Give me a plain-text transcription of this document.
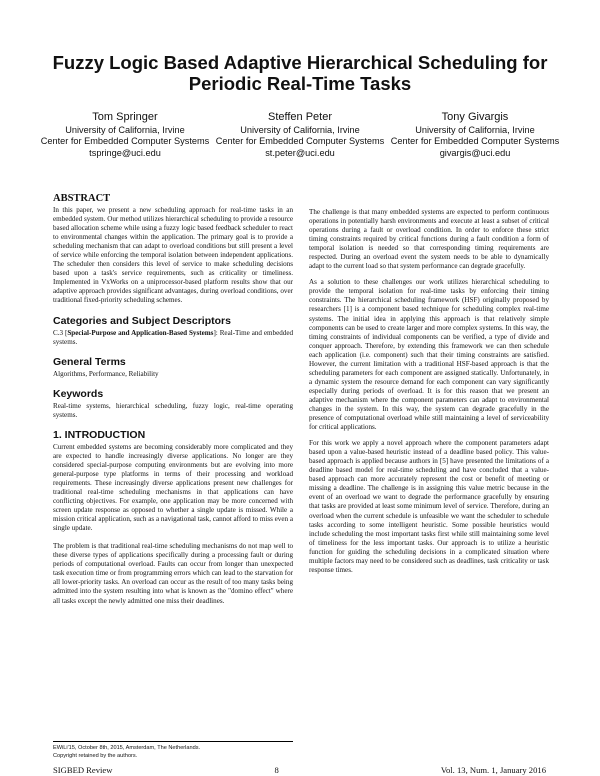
Fuzzy Logic Based Adaptive Hierarchical Scheduling for Periodic Real-Time Tasks
Tom Springer
University of California, Irvine
Center for Embedded Computer Systems
tspringe@uci.edu
Steffen Peter
University of California, Irvine
Center for Embedded Computer Systems
st.peter@uci.edu
Tony Givargis
University of California, Irvine
Center for Embedded Computer Systems
givargis@uci.edu
ABSTRACT
In this paper, we present a new scheduling approach for real-time tasks in an embedded system. Our method utilizes hierarchical scheduling to provide a resource based allocation scheme while using a fuzzy logic based feedback scheduler to react to environmental changes within the application. The primary goal is to provide a scheduling mechanism that can adapt to overload conditions but still present a level of service while enforcing the temporal isolation between independent applications. The scheduler then considers this level of service to make scheduling decisions based upon a task's service requirements, such as criticality or timeliness. Implemented in VxWorks on a uniprocessor-based platform results show that our adaptive approach provides significant advantages, during overload conditions, over traditional fixed-priority scheduling schemes.
Categories and Subject Descriptors
C.3 [Special-Purpose and Application-Based Systems]: Real-Time and embedded systems.
General Terms
Algorithms, Performance, Reliability
Keywords
Real-time systems, hierarchical scheduling, fuzzy logic, real-time operating systems.
1. INTRODUCTION
Current embedded systems are becoming considerably more complicated and they are expected to handle increasingly diverse applications. No longer are they considered special-purpose computing environments but are evolving into more general-purpose type platforms in terms of their processing and workload requirements. These increasingly diverse applications present new challenges for traditional real-time scheduling mechanisms in that applications can have conflicting objectives. For example, one application may be more concerned with screen update response as opposed to whether a single update is missed. While a mission critical application, such as a navigational task, cannot afford to miss even a single update.
The problem is that traditional real-time scheduling mechanisms do not map well to these diverse types of applications specifically during a processing fault or during periods of computational overload. Faults can occur from longer than unexpected task execution time or from programming errors which can lead to the starvation for all lower-priority tasks. An overload can occur as the result of too many tasks being admitted into the system resulting into what is known as the "domino effect" where all tasks except the newly admitted one miss their deadlines.
The challenge is that many embedded systems are expected to perform continuous operations in potentially harsh environments and execute at least a subset of critical operations during a fault or overload condition. In order to enforce these strict timing constraints required by critical functions during a fault condition a form of temporal isolation is needed so that corresponding timing requirements are respected. During an overload event the system needs to be able to dynamically adapt to the current load so that system performance can degrade gracefully.
As a solution to these challenges our work utilizes hierarchical scheduling to provide the temporal isolation for real-time tasks by enforcing their timing constraints. The hierarchical scheduling framework (HSF) originally proposed by researchers [1] is a component based technique for scheduling complex real-time systems. The initial idea in applying this approach is that relatively simple components can be used to create larger and more complex systems. In this way, the timing constraints of individual components can be verified, a type of divide and conquer approach. Therefore, by extending this framework we can then schedule each application (i.e. component) such that their timing constraints are satisfied. However, the current limitation with a traditional HSF-based approach is that the scheduling parameters for each component are assigned statically. Unfortunately, in a dynamic system the resource demand for each component can vary significantly especially during periods of overload. It is for this reason that we present an adaptive mechanism where the component parameters can adapt to environmental changes in the system. In this way, the system can degrade gracefully in the presence of computational overload while still maintaining a level of serviceability for critical applications.
For this work we apply a novel approach where the component parameters adapt based upon a value-based heuristic instead of a deadline based policy. This value-based approach is applied because authors in [5] have presented the limitations of a deadline based model for real-time scheduling and have concluded that a value-based approach can more accurately represent the cost or benefit of meeting or missing a deadline. The challenge is in assigning this value metric because in the event of an overload we want to degrade the performance gracefully by ensuring that tasks are provided at least some minimum level of service. Therefore, during an overload when the current schedule is unfeasible we want the scheduler to schedule tasks according to some intelligent heuristic. Some possible heuristics would include scheduling the most important tasks first while still maintaining some level of timeliness for the less important tasks. Our approach is to utilize a heuristic function for guiding the scheduling decisions in a complicated situation where multiple factors may need to be considered such as deadlines, task criticality or task response times.
EWiLi'15, October 8th, 2015, Amsterdam, The Netherlands.
Copyright retained by the authors.
SIGBED Review	8	Vol. 13, Num. 1, January 2016
